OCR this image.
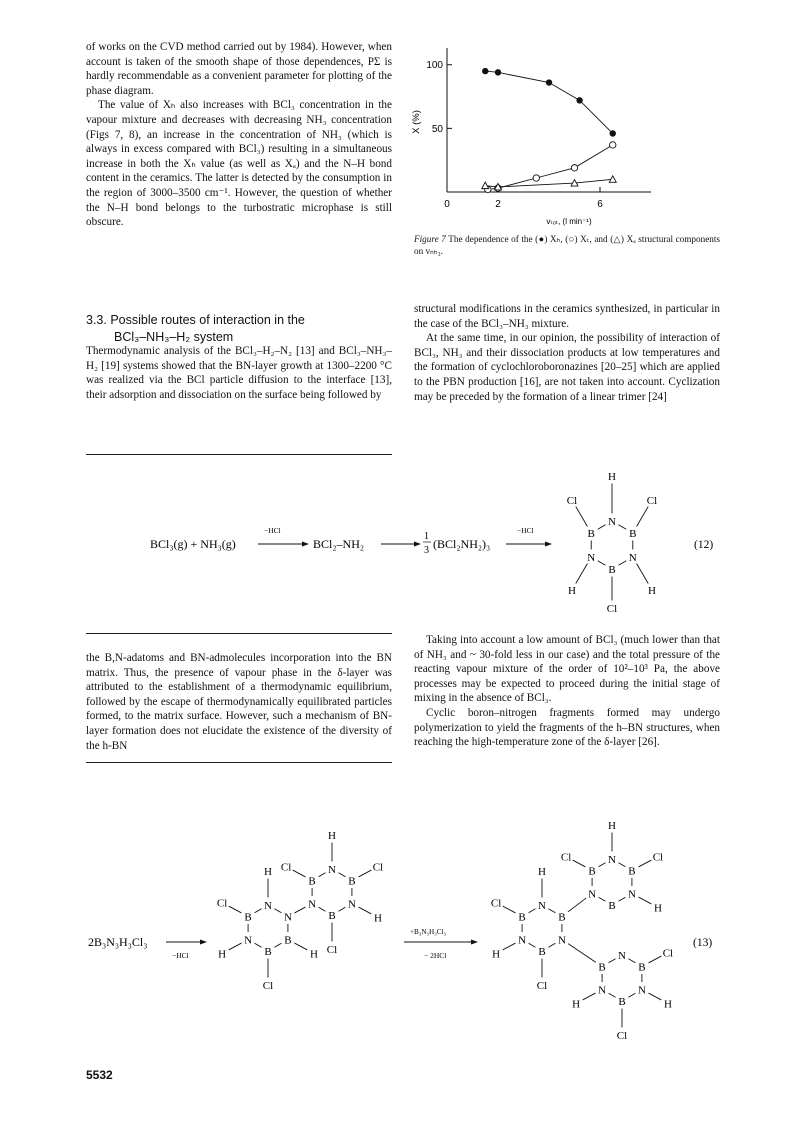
of works on the CVD method carried out by 1984). However, when account is taken of the smooth shape of those dependences, PΣ is hardly recommendable as a convenient parameter for plotting of the phase diagram.

The value of Xₕ also increases with BCl₃ concentration in the vapour mixture and decreases with decreasing NH₃ concentration (Figs 7, 8), an increase in the concentration of NH₃ (which is always in excess compared with BCl₃) resulting in a simultaneous increase in both the Xₕ value (as well as Xₐ) and the N–H bond content in the ceramics. The latter is detected by the consumption in the region of 3000–3500 cm⁻¹. However, the question of whether the N–H bond belongs to the turbostratic microphase is still obscure.

50
100
0	2	6
X (%)
vₜₒₜ, (l min⁻¹)
Figure 7 The dependence of the (●) Xₕ, (○) Xₜ, and (△) Xₐ structural components on vₙₕ₃.
3.3. Possible routes of interaction in the
BCl₃–NH₃–H₂ system

Thermodynamic analysis of the BCl₃–H₂–N₂ [13] and BCl₃–NH₃–H₂ [19] systems showed that the BN-layer growth at 1300–2200 °C was realized via the BCl particle diffusion to the interface [13], their adsorption and dissociation on the surface being followed by

structural modifications in the ceramics synthesized, in particular in the case of the BCl₃–NH₃ mixture.

At the same time, in our opinion, the possibility of interaction of BCl₃, NH₃ and their dissociation products at low temperatures and the formation of cyclochloroboronazines [20–25] which are applied to the PBN production [16], are not taken into account. Cyclization may be preceded by the formation of a linear trimer [24]

BCl₃(g) + NH₃(g)
−HCl
BCl₂–NH₂
1
3 (BCl₂NH₂)₃
−HCl
N
B
N
B
N
B
H
Cl
Cl
H
H
Cl
(12)

the B,N-adatoms and BN-admolecules incorporation into the BN matrix. Thus, the presence of vapour phase in the δ-layer was attributed to the establishment of a thermodynamic equilibrium, followed by the escape of thermodynamically equilibrated particles formed, to the matrix surface. However, such a mechanism of BN-layer formation does not elucidate the existence of the diversity of the h-BN

Taking into account a low amount of BCl₃ (much lower than that of NH₃ and ~ 30-fold less in our case) and the total pressure of the reacting vapour mixture of the order of 10²–10³ Pa, the above processes may be expected to proceed during the initial stage of mixing in the absence of BCl₃.

Cyclic boron–nitrogen fragments formed may undergo polymerization to yield the fragments of the h–BN structures, when reaching the high-temperature zone of the δ-layer [26].

2B₃N₃H₃Cl₃
−HCl
N
N
B
B
N
B
N
B
N
B
N
B
H
Cl
Cl
H
Cl
H
Cl
H	H
Cl
+B₃N₃H₃Cl₃
− 2HCl
N
B
N
B
N
B
N
B
N
B
N
B
N
B
N
B
N
B
H
Cl
Cl
H
H
Cl
H
Cl
Cl
H
H
Cl
(13)
5532
